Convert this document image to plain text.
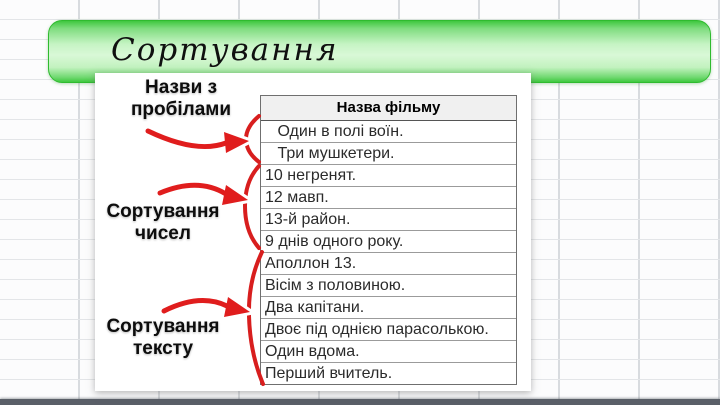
Сортування
Назва фільму
Один в полі воїн.
Три мушкетери.
10 негренят.
12 мавп.
13-й район.
9 днів одного року.
Аполлон 13.
Вісім з половиною.
Два капітани.
Двоє під однією парасолькою.
Один вдома.
Перший вчитель.
Назви з
пробілами
Сортування
чисел
Сортування
тексту
